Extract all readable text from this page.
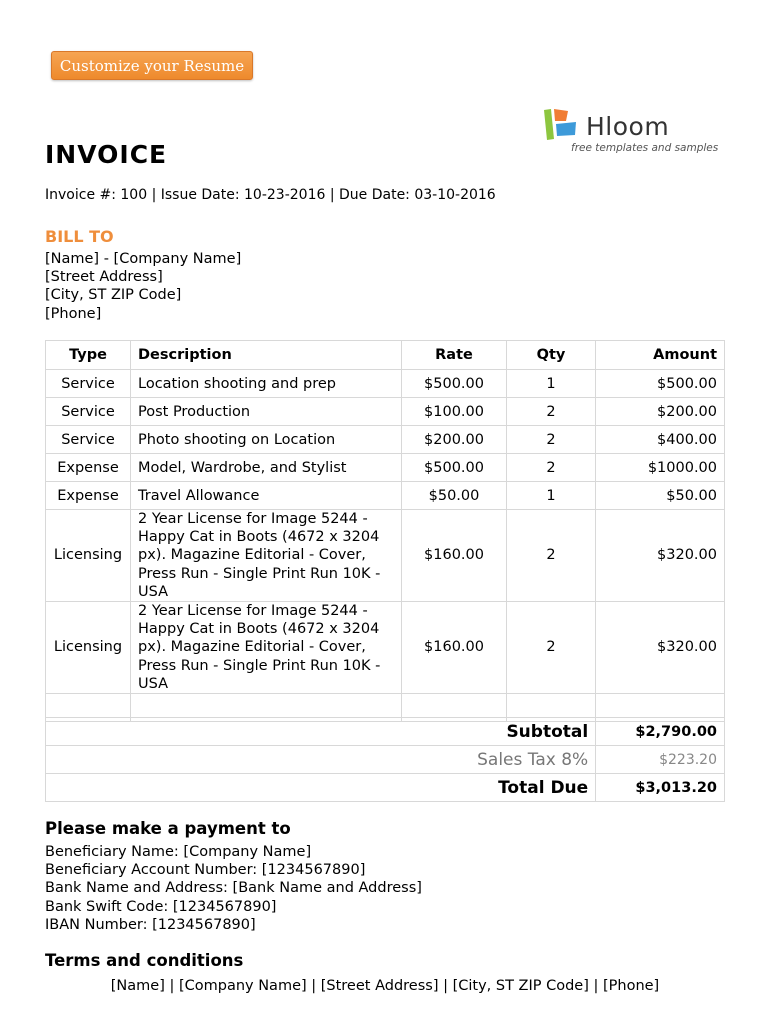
Customize your Resume
Hloom
free templates and samples
INVOICE
Invoice #: 100 | Issue Date: 10-23-2016 | Due Date: 03-10-2016
BILL TO
[Name] - [Company Name]
[Street Address]
[City, ST ZIP Code]
[Phone]
Type	Description	Rate	Qty	Amount
Service	Location shooting and prep	$500.00	1	$500.00
Service	Post Production	$100.00	2	$200.00
Service	Photo shooting on Location	$200.00	2	$400.00
Expense	Model, Wardrobe, and Stylist	$500.00	2	$1000.00
Expense	Travel Allowance	$50.00	1	$50.00
Licensing	2 Year License for Image 5244 - Happy Cat in Boots (4672 x 3204 px). Magazine Editorial - Cover, Press Run - Single Print Run 10K - USA	$160.00	2	$320.00
Licensing	2 Year License for Image 5244 - Happy Cat in Boots (4672 x 3204 px). Magazine Editorial - Cover, Press Run - Single Print Run 10K - USA	$160.00	2	$320.00

Subtotal	$2,790.00
Sales Tax 8%	$223.20
Total Due	$3,013.20
Please make a payment to
Beneficiary Name: [Company Name]
Beneficiary Account Number: [1234567890]
Bank Name and Address: [Bank Name and Address]
Bank Swift Code: [1234567890]
IBAN Number: [1234567890]
Terms and conditions
[Name] | [Company Name] | [Street Address] | [City, ST ZIP Code] | [Phone]
